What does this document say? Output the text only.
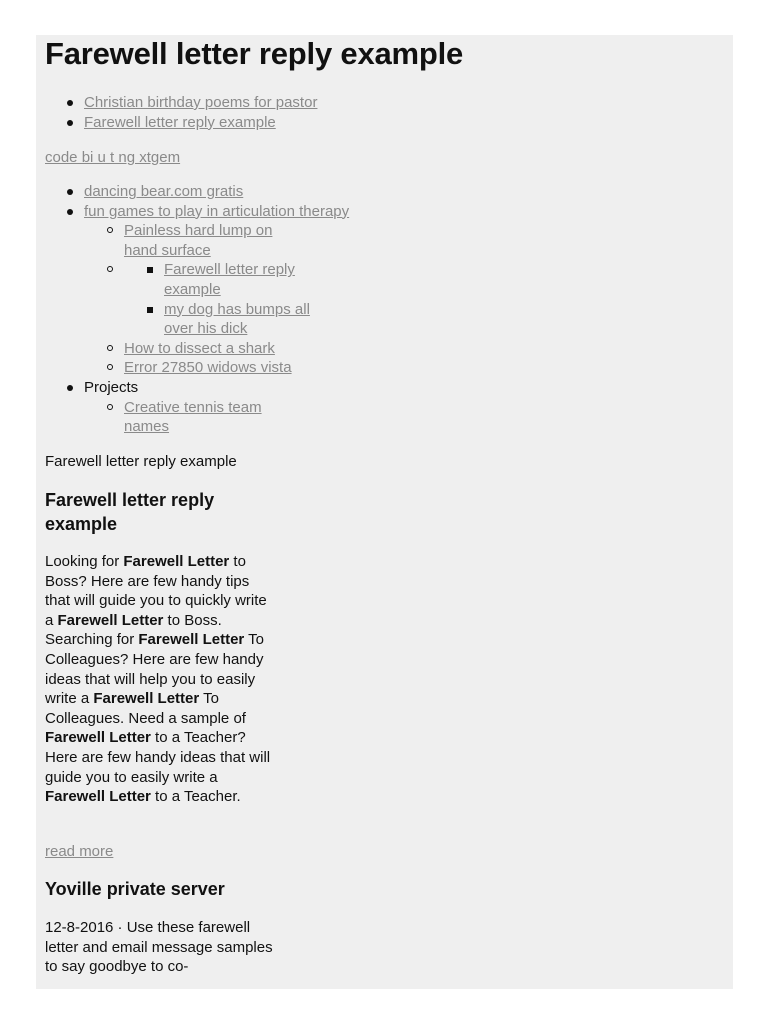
Farewell letter reply example
Christian birthday poems for pastor
Farewell letter reply example
code bi u t ng xtgem
dancing bear.com gratis
fun games to play in articulation therapy
Painless hard lump on hand surface
Farewell letter reply example
my dog has bumps all over his dick
How to dissect a shark
Error 27850 widows vista
Projects
Creative tennis team names

Farewell letter reply example

Farewell letter reply example

Looking for Farewell Letter to Boss? Here are few handy tips that will guide you to quickly write a Farewell Letter to Boss. Searching for Farewell Letter To Colleagues? Here are few handy ideas that will help you to easily write a Farewell Letter To Colleagues. Need a sample of Farewell Letter to a Teacher? Here are few handy ideas that will guide you to easily write a Farewell Letter to a Teacher.

read more
Yoville private server

12-8-2016 · Use these farewell letter and email message samples to say goodbye to co-
